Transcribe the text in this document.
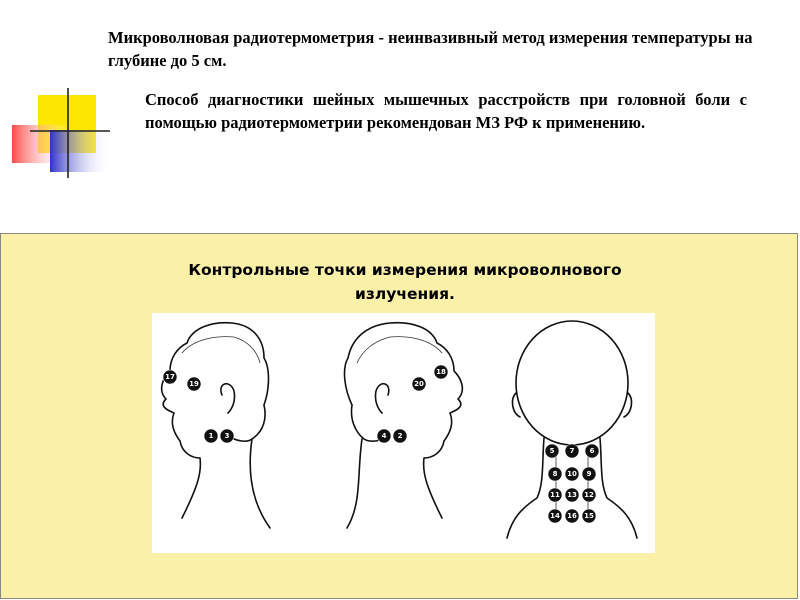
Микроволновая радиотермометрия - неинвазивный метод измерения температуры на глубине до 5 см.

Способ диагностики шейных мышечных расстройств при головной боли с помощью радиотермометрии рекомендован МЗ РФ к применению.

Контрольные точки измерения микроволнового излучения.

17
19
1 3
18
20
4 2
5 7 6
8 10 9
11 13 12
14 16 15
